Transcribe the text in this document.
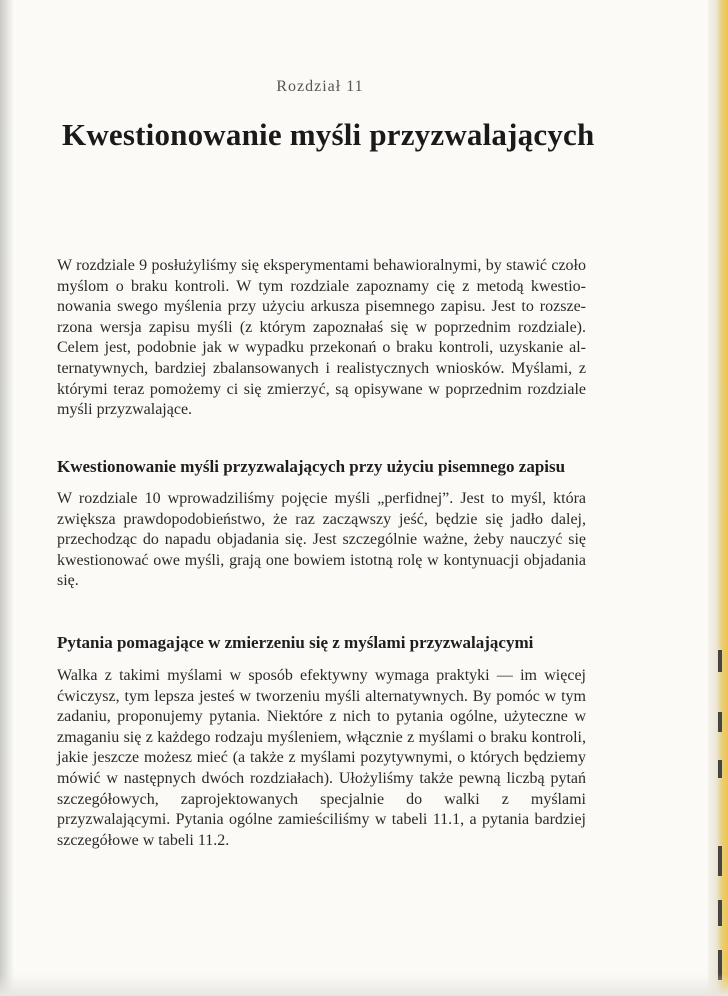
Rozdział 11
Kwestionowanie myśli przyzwalających

W rozdziale 9 posłużyliśmy się eksperymentami behawioralnymi, by stawić czoło myślom o braku kontroli. W tym rozdziale zapoznamy cię z metodą kwestionowania swego myślenia przy użyciu arkusza pisemnego zapisu. Jest to rozszerzona wersja zapisu myśli (z którym zapoznałaś się w poprzednim rozdziale). Celem jest, podobnie jak w wypadku przekonań o braku kontroli, uzyskanie alternatywnych, bardziej zbalansowanych i realistycznych wniosków. Myślami, z którymi teraz pomożemy ci się zmierzyć, są opisywane w poprzednim rozdziale myśli przyzwalające.

Kwestionowanie myśli przyzwalających przy użyciu pisemnego zapisu

W rozdziale 10 wprowadziliśmy pojęcie myśli „perfidnej”. Jest to myśl, która zwiększa prawdopodobieństwo, że raz zacząwszy jeść, będzie się jadło dalej, przechodząc do napadu objadania się. Jest szczególnie ważne, żeby nauczyć się kwestionować owe myśli, grają one bowiem istotną rolę w kontynuacji objadania się.

Pytania pomagające w zmierzeniu się z myślami przyzwalającymi

Walka z takimi myślami w sposób efektywny wymaga praktyki — im więcej ćwiczysz, tym lepsza jesteś w tworzeniu myśli alternatywnych. By pomóc w tym zadaniu, proponujemy pytania. Niektóre z nich to pytania ogólne, użyteczne w zmaganiu się z każdego rodzaju myśleniem, włącznie z myślami o braku kontroli, jakie jeszcze możesz mieć (a także z myślami pozytywnymi, o których będziemy mówić w następnych dwóch rozdziałach). Ułożyliśmy także pewną liczbą pytań szczegółowych, zaprojektowanych specjalnie do walki z myślami przyzwalającymi. Pytania ogólne zamieściliśmy w tabeli 11.1, a pytania bardziej szczegółowe w tabeli 11.2.
